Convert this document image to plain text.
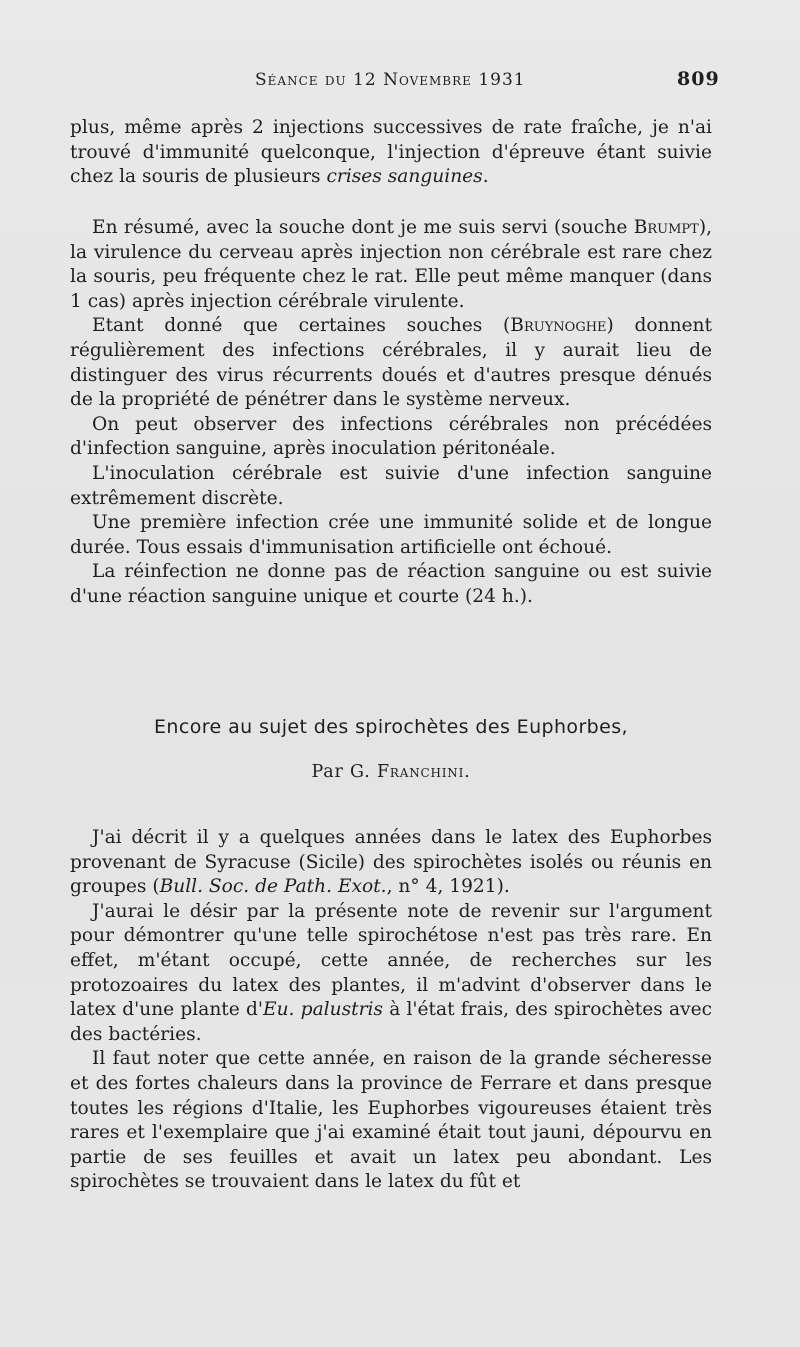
Séance du 12 Novembre 1931	809

plus, même après 2 injections successives de rate fraîche, je n'ai trouvé d'immunité quelconque, l'injection d'épreuve étant suivie chez la souris de plusieurs crises sanguines.

En résumé, avec la souche dont je me suis servi (souche Brumpt), la virulence du cerveau après injection non cérébrale est rare chez la souris, peu fréquente chez le rat. Elle peut même manquer (dans 1 cas) après injection cérébrale virulente.

Etant donné que certaines souches (Bruynoghe) donnent régulièrement des infections cérébrales, il y aurait lieu de distinguer des virus récurrents doués et d'autres presque dénués de la propriété de pénétrer dans le système nerveux.

On peut observer des infections cérébrales non précédées d'infection sanguine, après inoculation péritonéale.

L'inoculation cérébrale est suivie d'une infection sanguine extrêmement discrète.

Une première infection crée une immunité solide et de longue durée. Tous essais d'immunisation artificielle ont échoué.

La réinfection ne donne pas de réaction sanguine ou est suivie d'une réaction sanguine unique et courte (24 h.).

Encore au sujet des spirochètes des Euphorbes,
Par G. Franchini.

J'ai décrit il y a quelques années dans le latex des Euphorbes provenant de Syracuse (Sicile) des spirochètes isolés ou réunis en groupes (Bull. Soc. de Path. Exot., n° 4, 1921).

J'aurai le désir par la présente note de revenir sur l'argument pour démontrer qu'une telle spirochétose n'est pas très rare. En effet, m'étant occupé, cette année, de recherches sur les protozoaires du latex des plantes, il m'advint d'observer dans le latex d'une plante d'Eu. palustris à l'état frais, des spirochètes avec des bactéries.

Il faut noter que cette année, en raison de la grande sécheresse et des fortes chaleurs dans la province de Ferrare et dans presque toutes les régions d'Italie, les Euphorbes vigoureuses étaient très rares et l'exemplaire que j'ai examiné était tout jauni, dépourvu en partie de ses feuilles et avait un latex peu abondant. Les spirochètes se trouvaient dans le latex du fût et
